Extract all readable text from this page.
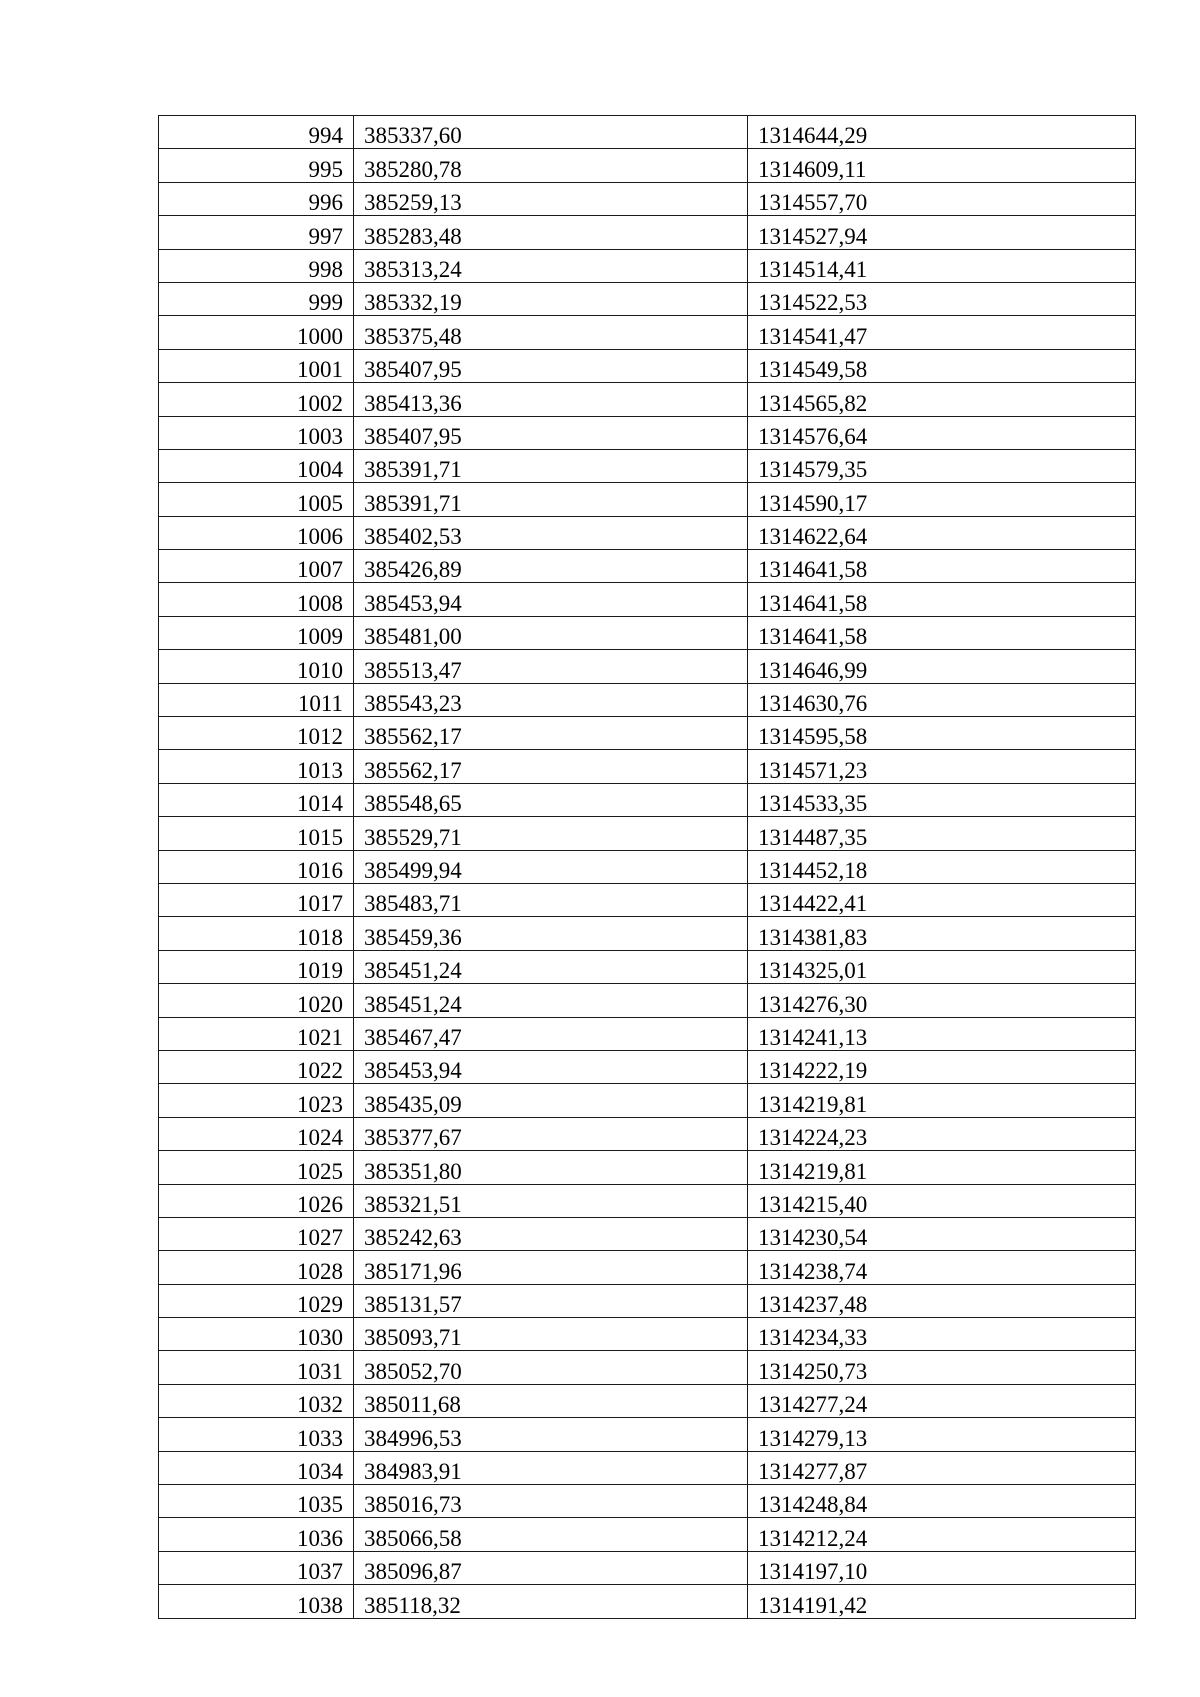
994	385337,60	1314644,29
995	385280,78	1314609,11
996	385259,13	1314557,70
997	385283,48	1314527,94
998	385313,24	1314514,41
999	385332,19	1314522,53
1000	385375,48	1314541,47
1001	385407,95	1314549,58
1002	385413,36	1314565,82
1003	385407,95	1314576,64
1004	385391,71	1314579,35
1005	385391,71	1314590,17
1006	385402,53	1314622,64
1007	385426,89	1314641,58
1008	385453,94	1314641,58
1009	385481,00	1314641,58
1010	385513,47	1314646,99
1011	385543,23	1314630,76
1012	385562,17	1314595,58
1013	385562,17	1314571,23
1014	385548,65	1314533,35
1015	385529,71	1314487,35
1016	385499,94	1314452,18
1017	385483,71	1314422,41
1018	385459,36	1314381,83
1019	385451,24	1314325,01
1020	385451,24	1314276,30
1021	385467,47	1314241,13
1022	385453,94	1314222,19
1023	385435,09	1314219,81
1024	385377,67	1314224,23
1025	385351,80	1314219,81
1026	385321,51	1314215,40
1027	385242,63	1314230,54
1028	385171,96	1314238,74
1029	385131,57	1314237,48
1030	385093,71	1314234,33
1031	385052,70	1314250,73
1032	385011,68	1314277,24
1033	384996,53	1314279,13
1034	384983,91	1314277,87
1035	385016,73	1314248,84
1036	385066,58	1314212,24
1037	385096,87	1314197,10
1038	385118,32	1314191,42
